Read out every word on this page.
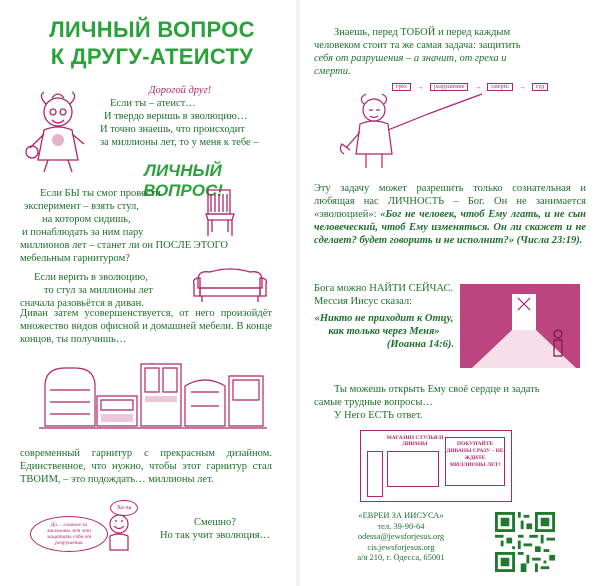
ЛИЧНЫЙ ВОПРОС
К ДРУГУ-АТЕИСТУ
Дорогой друг!
Если ты – атеист…
И твердо веришь в эволюцию…
И точно знаешь, что происходит
за миллионы лет, то у меня к тебе –
ЛИЧНЫЙ ВОПРОС!
Если БЫ ты смог провести
эксперимент – взять стул,
на котором сидишь,
и понаблюдать за ним пару
миллионов лет – станет ли он ПОСЛЕ ЭТОГО
мебельным гарнитуром?
Если верить в эволюцию,
то стул за миллионы лет
сначала разовьётся в диван.
Диван затем усовершенствуется, от него произойдёт множество видов офисной и домашней мебели. В конце концов, ты получишь…
современный гарнитур с прекрасным дизайном. Единственное, что нужно, чтобы этот гарнитур стал ТВОИМ, – это подождать… миллионы лет.
Да… главное за миллионы лет это защитить себя от разрушения
Ха-ха
Смешно?
Но так учит эволюция…
Знаешь, перед ТОБОЙ и перед каждым
человеком стоит та же самая задача: защитить
себя от разрушения – а значит, от греха и
смерти.
грех	→	разрушение	→	смерть	→	суд
Эту задачу может разрешить только сознательная и любящая нас ЛИЧНОСТЬ – Бог. Он не занимается «эволюцией»: «Бог не человек, чтоб Ему лгать, и не сын человеческий, чтоб Ему изменяться. Он ли скажет и не сделает? будет говорить и не исполнит?» (Числа 23:19).
Бога можно НАЙТИ СЕЙЧАС. Мессия Иисус сказал:
«Никто не приходит к Отцу, как только через Меня»
(Иоанна 14:6).
Ты можешь открыть Ему своё сердце и задать
самые трудные вопросы…
У Него ЕСТЬ ответ.
МАГАЗИН СТУЛЬЯ И ДИВАНЫ	ПОКУПАЙТЕ ДИВАНЫ СРАЗУ – НЕ ЖДИТЕ МИЛЛИОНЫ ЛЕТ!
«ЕВРЕИ ЗА ИИСУСА»
тел. 39-90-64
odessa@jewsforjesus.org
cis.jewsforjesus.org
а/я 210, г. Одесса, 65001
